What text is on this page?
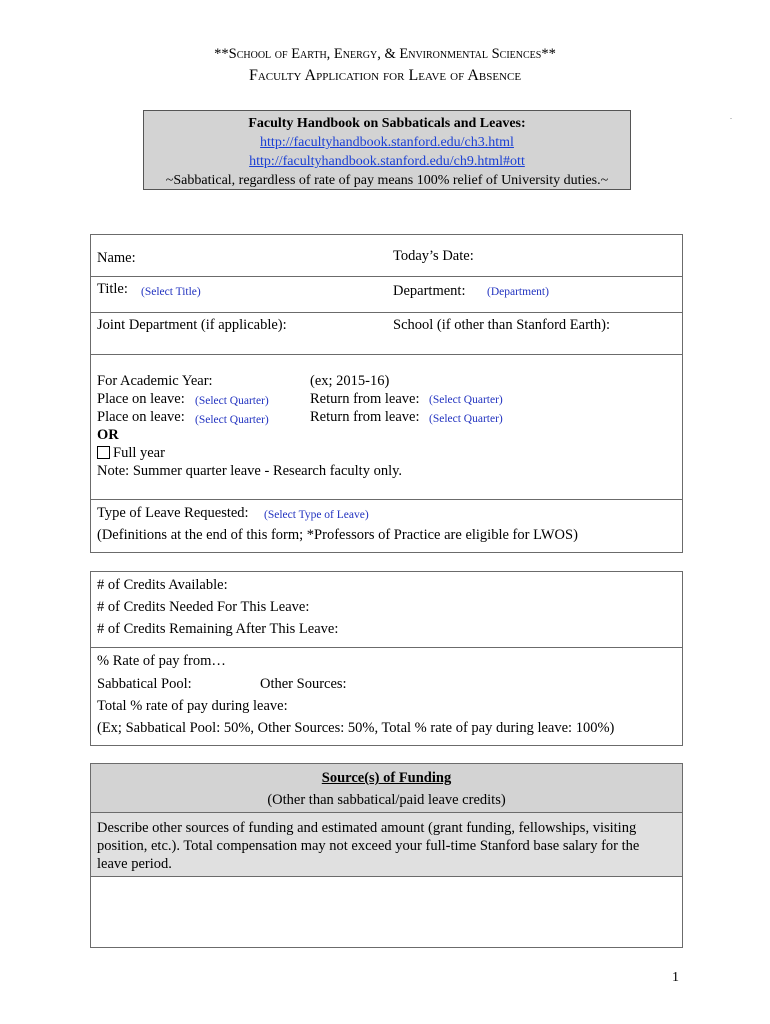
**School of Earth, Energy, & Environmental Sciences**
Faculty Application for Leave of Absence
.
Faculty Handbook on Sabbaticals and Leaves:
http://facultyhandbook.stanford.edu/ch3.html
http://facultyhandbook.stanford.edu/ch9.html#ott
~Sabbatical, regardless of rate of pay means 100% relief of University duties.~
Name:	Today’s Date:
Title: (Select Title)	Department: (Department)
Joint Department (if applicable):	School (if other than Stanford Earth):
For Academic Year:	(ex; 2015-16)
Place on leave: (Select Quarter)	Return from leave: (Select Quarter)
Place on leave: (Select Quarter)	Return from leave: (Select Quarter)
OR
Full year
Note: Summer quarter leave - Research faculty only.
Type of Leave Requested: (Select Type of Leave)
(Definitions at the end of this form; *Professors of Practice are eligible for LWOS)
# of Credits Available:
# of Credits Needed For This Leave:
# of Credits Remaining After This Leave:
% Rate of pay from…
Sabbatical Pool:	Other Sources:
Total % rate of pay during leave:
(Ex; Sabbatical Pool: 50%, Other Sources: 50%, Total % rate of pay during leave: 100%)
Source(s) of Funding
(Other than sabbatical/paid leave credits)
Describe other sources of funding and estimated amount (grant funding, fellowships, visiting
position, etc.). Total compensation may not exceed your full-time Stanford base salary for the
leave period.
1
